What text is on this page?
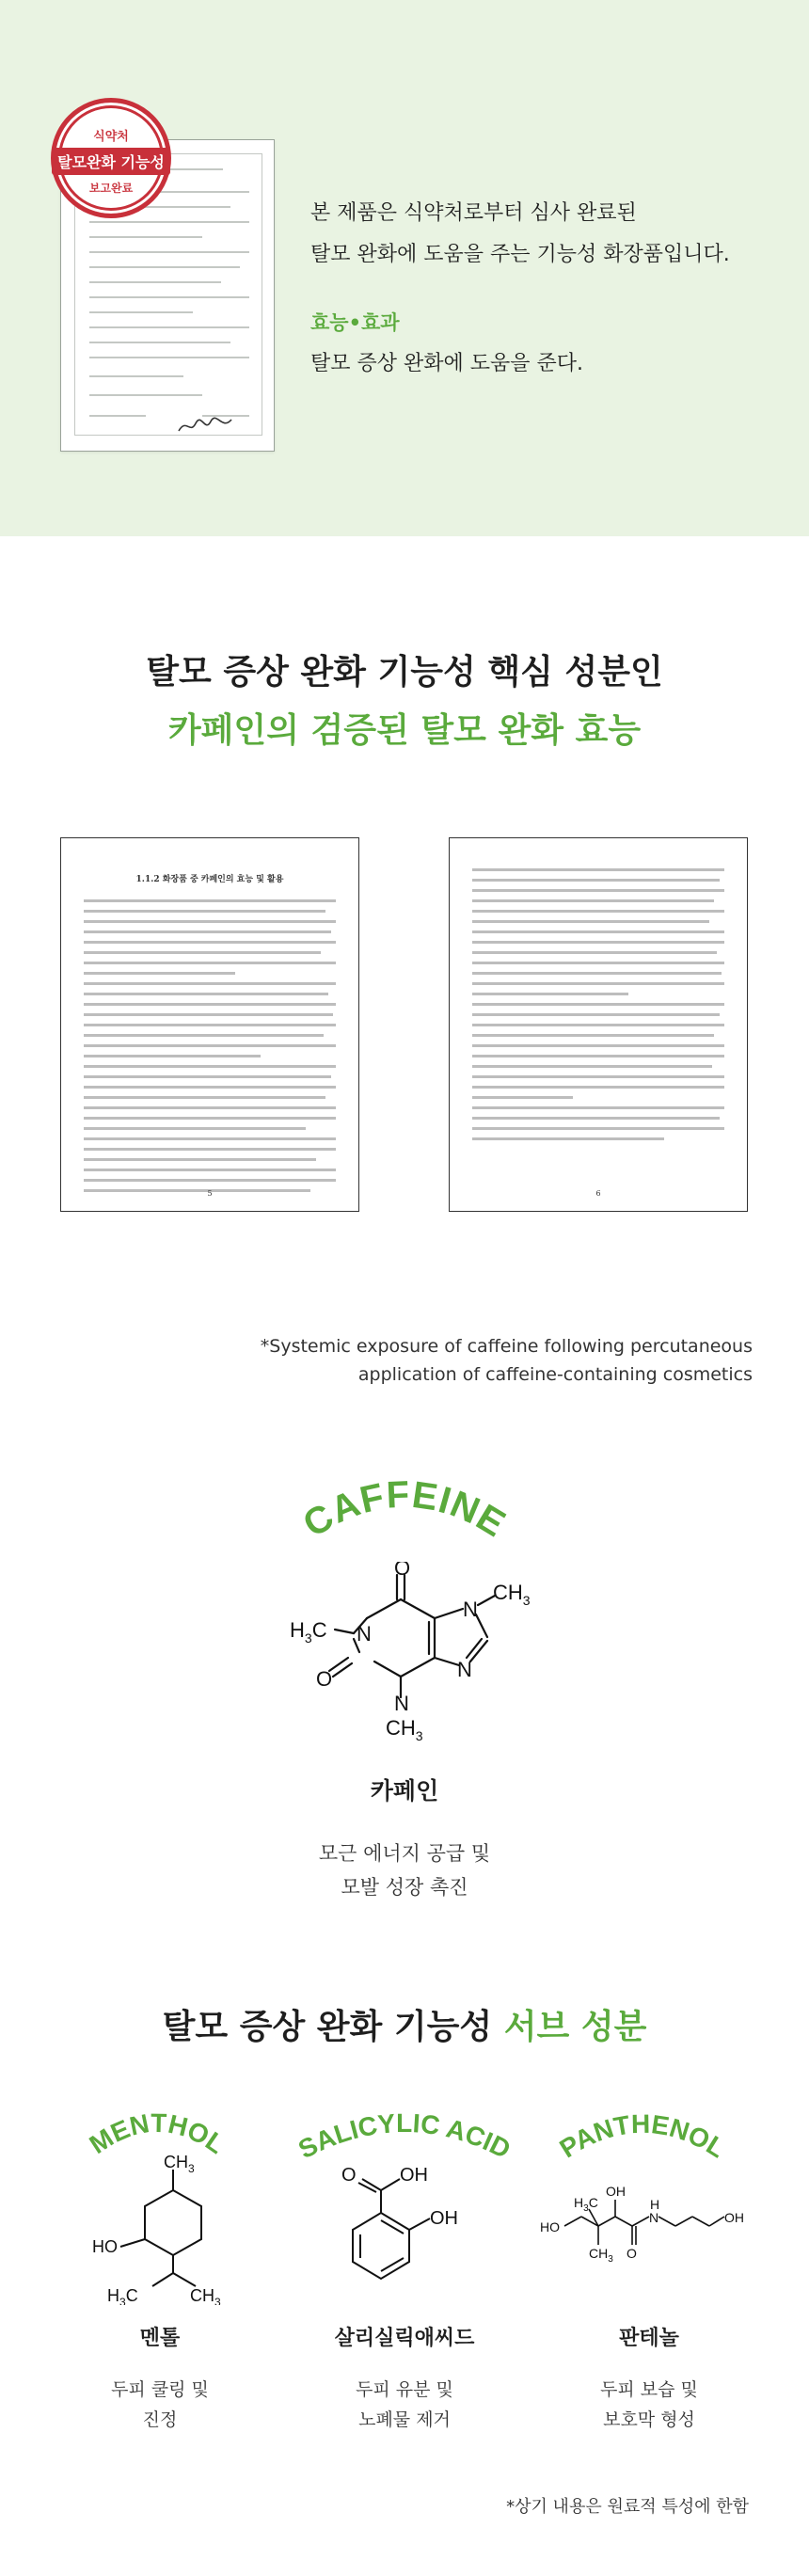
식약처
탈모완화 기능성
보고완료
본 제품은 식약처로부터 심사 완료된
탈모 완화에 도움을 주는 기능성 화장품입니다.
효능•효과
탈모 증상 완화에 도움을 준다.
탈모 증상 완화 기능성 핵심 성분인
카페인의 검증된 탈모 완화 효능
1.1.2 화장품 중 카페인의 효능 및 활용
5	6
*Systemic exposure of caffeine following percutaneous
application of caffeine-containing cosmetics
CAFFEINE
O
O
N
N
N
N
$H_3C$
$CH_3$
$CH_3$
카페인
모근 에너지 공급 및
모발 성장 촉진
탈모 증상 완화 기능성 서브 성분
MENTHOL
$CH_3$
HO
$H_3C$	$CH_3$
멘톨
두피 쿨링 및
진정
SALICYLIC ACID
O OH
OH
살리실릭애씨드
두피 유분 및
노폐물 제거
PANTHENOL
HO
$H_3C$
$CH_3$
OH
O
H
N	OH
판테놀
두피 보습 및
보호막 형성
*상기 내용은 원료적 특성에 한함
